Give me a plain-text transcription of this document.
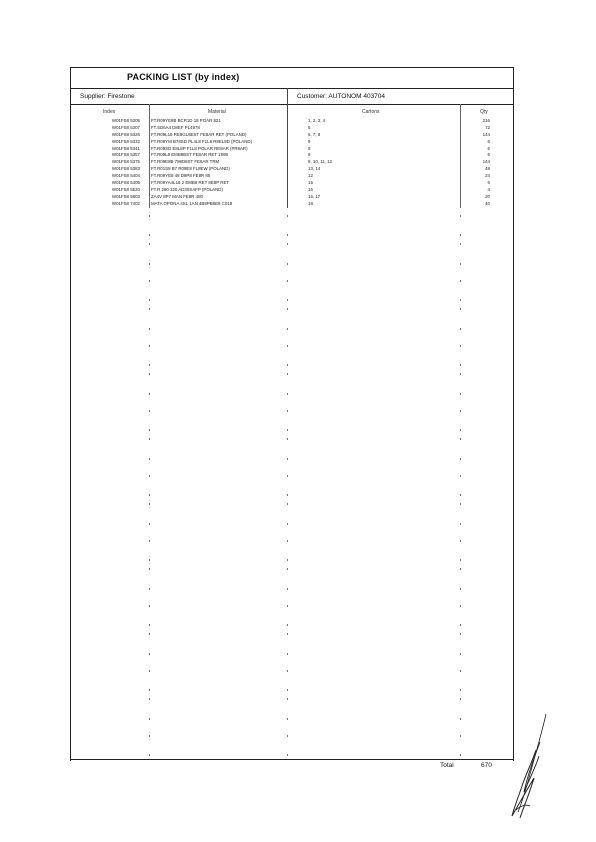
PACKING LIST (by index)
Supplier: Firestone	Customer: AUTONOM 403704
Index	Material	Cartons	Qty
W01FS8 5305	FT.R09YE8B BCR1D 18 POAR 821	1, 2, 3, 4	216
W01FS8 5307	FT.SD6A4 D8EF PL4978	5	72
W01FS8 5326	FT.R09L18 RE8GL8EST FE8AR RET (POLAND)	6, 7, 8	144
W01FS8 5332	FT.R09YM B78SD PL4L8 F1L8 R8EL8D (POLAND)	9	6
W01FS8 5341	FT.R09SD E8L8P F1L8 POLAR RE8AR (PR8AR)	8	6
W01FS8 5357	FT.R09L8 EMB8BST FE8AR RET 1998	9	6
W01FS8 5375	FT.R09E8B 798D8ST FE8AR TRM	9, 10, 11, 12	144
W01FS8 5383	FT.R01S8 B7 R09E8 FL8EW (POLAND)	13, 14	48
W01FS8 5404	FT.R09YE8 48 D8P8 FE8R 85	12	24
W01FS8 5405	FT.R09YA4L18 2 EMB8 RET 8E8P RET	15	6
W01FS8 5520	FT.R 290 320 AD30SAFP (POLAND)	16	4
W01FS8 5803	ZA4V 8P7 MAN FE8R 480	16, 17	20
W01FS8 7402	MATA OPONA 4SL 1AN 4B8PB8E8 C018	18	40
Total	670
